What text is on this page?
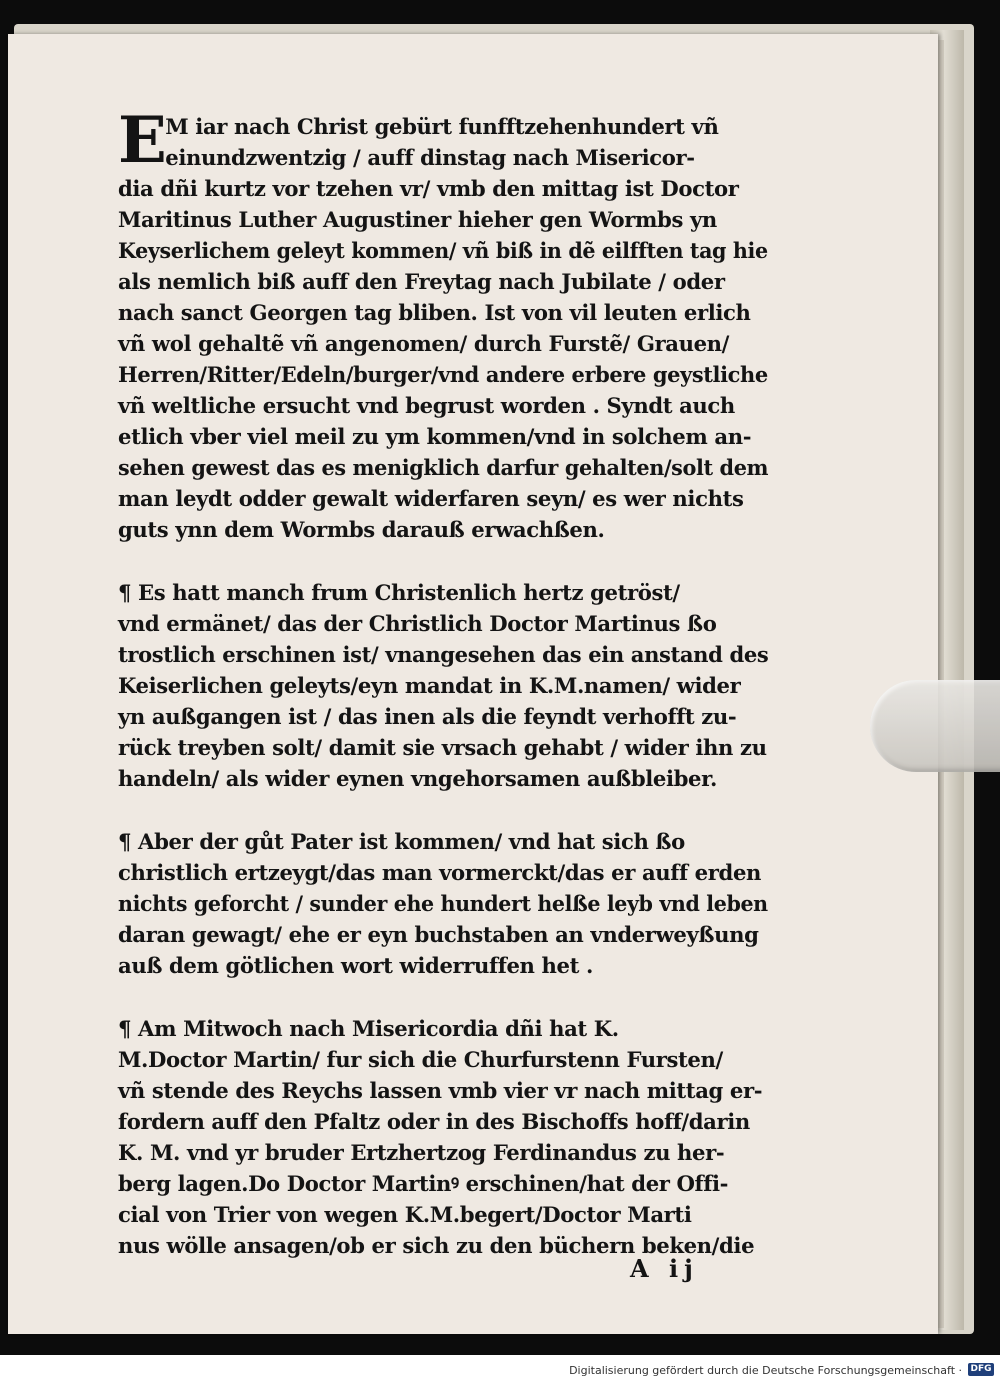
E
M iar nach Christ gebürt funfftzehenhundert vñ
einundzwentzig / auff dinstag nach Misericor-
dia dñi kurtz vor tzehen vr/ vmb den mittag ist Doctor
Maritinus Luther Augustiner hieher gen Wormbs yn
Keyserlichem geleyt kommen/ vñ biß in dẽ eilfften tag hie
als nemlich biß auff den Freytag nach Jubilate / oder
nach sanct Georgen tag bliben. Ist von vil leuten erlich
vñ wol gehaltẽ vñ angenomen/ durch Furstẽ/ Grauen/
Herren/Ritter/Edeln/burger/vnd andere erbere geystliche
vñ weltliche ersucht vnd begrust worden . Syndt auch
etlich vber viel meil zu ym kommen/vnd in solchem an-
sehen gewest das es menigklich darfur gehalten/solt dem
man leydt odder gewalt widerfaren seyn/ es wer nichts
guts ynn dem Wormbs darauß erwachßen.
¶ Es hatt manch frum Christenlich hertz getröst/
vnd ermänet/ das der Christlich Doctor Martinus ßo
trostlich erschinen ist/ vnangesehen das ein anstand des
Keiserlichen geleyts/eyn mandat in K.M.namen/ wider
yn außgangen ist / das inen als die feyndt verhofft zu-
rück treyben solt/ damit sie vrsach gehabt / wider ihn zu
handeln/ als wider eynen vngehorsamen außbleiber.
¶ Aber der gůt Pater ist kommen/ vnd hat sich ßo
christlich ertzeygt/das man vormerckt/das er auff erden
nichts geforcht / sunder ehe hundert helße leyb vnd leben
daran gewagt/ ehe er eyn buchstaben an vnderweyßung
auß dem götlichen wort widerruffen het .
¶ Am Mitwoch nach Misericordia dñi hat K.
M.Doctor Martin/ fur sich die Churfurstenn Fursten/
vñ stende des Reychs lassen vmb vier vr nach mittag er-
fordern auff den Pfaltz oder in des Bischoffs hoff/darin
K. M. vnd yr bruder Ertzhertzog Ferdinandus zu her-
berg lagen.Do Doctor Martinꝰ erschinen/hat der Offi-
cial von Trier von wegen K.M.begert/Doctor Marti
nus wölle ansagen/ob er sich zu den büchern beken/die
A ij
Digitalisierung gefördert durch die Deutsche Forschungsgemeinschaft · DFG
